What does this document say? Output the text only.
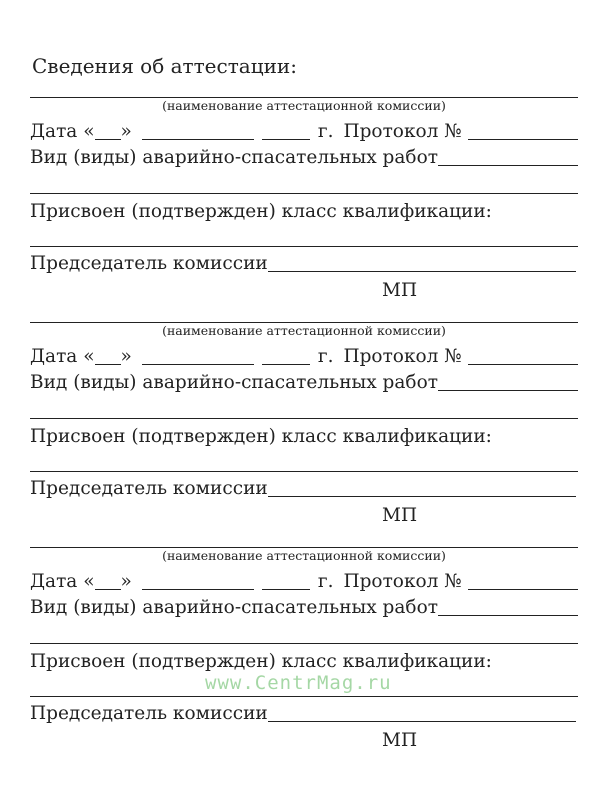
Сведения об аттестации:
(наименование аттестационной комиссии)
Дата « »	г. Протокол №
Вид (виды) аварийно-спасательных работ
Присвоен (подтвержден) класс квалификации:
Председатель комиссии
МП
(наименование аттестационной комиссии)
Дата « »	г. Протокол №
Вид (виды) аварийно-спасательных работ
Присвоен (подтвержден) класс квалификации:
Председатель комиссии
МП
(наименование аттестационной комиссии)
Дата « »	г. Протокол №
Вид (виды) аварийно-спасательных работ
Присвоен (подтвержден) класс квалификации:
Председатель комиссии
МП
www.CentrMag.ru
